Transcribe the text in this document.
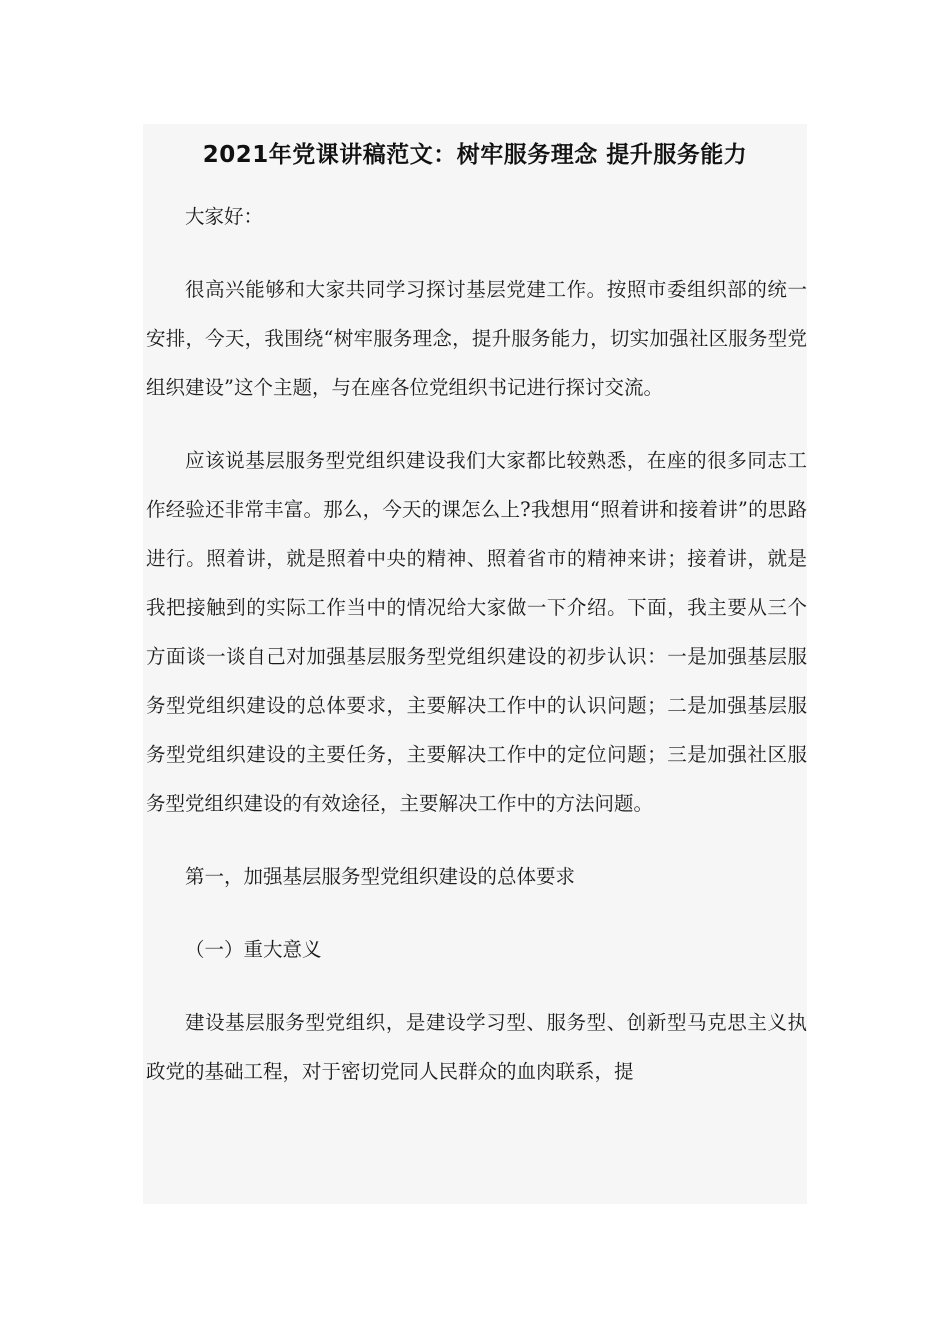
2021年党课讲稿范文：树牢服务理念 提升服务能力

大家好：

很高兴能够和大家共同学习探讨基层党建工作。按照市委组织部的统一安排，今天，我围绕“树牢服务理念，提升服务能力，切实加强社区服务型党组织建设”这个主题，与在座各位党组织书记进行探讨交流。

应该说基层服务型党组织建设我们大家都比较熟悉，在座的很多同志工作经验还非常丰富。那么，今天的课怎么上?我想用“照着讲和接着讲”的思路进行。照着讲，就是照着中央的精神、照着省市的精神来讲；接着讲，就是我把接触到的实际工作当中的情况给大家做一下介绍。下面，我主要从三个方面谈一谈自己对加强基层服务型党组织建设的初步认识：一是加强基层服务型党组织建设的总体要求，主要解决工作中的认识问题；二是加强基层服务型党组织建设的主要任务，主要解决工作中的定位问题；三是加强社区服务型党组织建设的有效途径，主要解决工作中的方法问题。

第一，加强基层服务型党组织建设的总体要求

（一）重大意义

建设基层服务型党组织，是建设学习型、服务型、创新型马克思主义执政党的基础工程，对于密切党同人民群众的血肉联系，提
